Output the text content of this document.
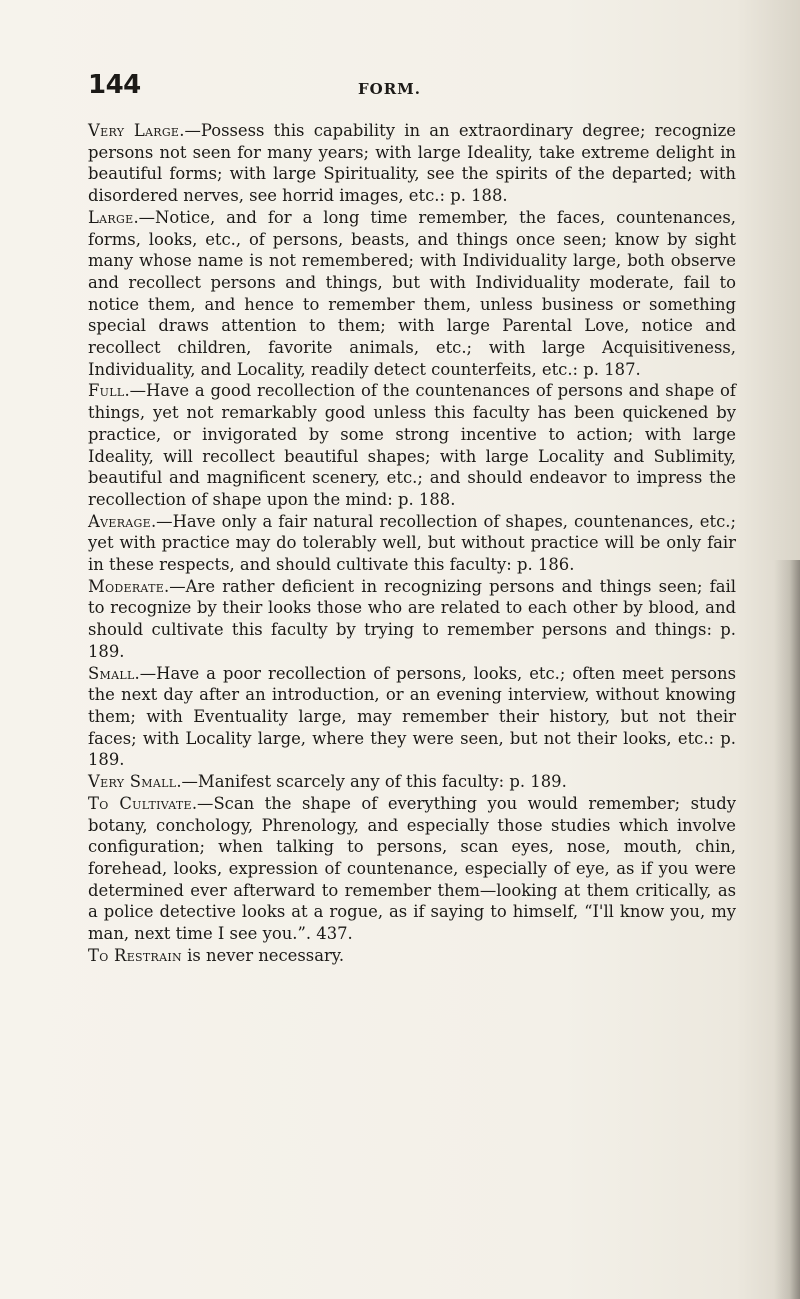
144	FORM.

Very Large.—Possess this capability in an extraordinary degree; recognize persons not seen for many years; with large Ideality, take extreme delight in beautiful forms; with large Spirituality, see the spirits of the departed; with disordered nerves, see horrid images, etc.: p. 188.

Large.—Notice, and for a long time remember, the faces, countenances, forms, looks, etc., of persons, beasts, and things once seen; know by sight many whose name is not remembered; with Individuality large, both observe and recollect persons and things, but with Individuality moderate, fail to notice them, and hence to remember them, unless business or something special draws attention to them; with large Parental Love, notice and recollect children, favorite animals, etc.; with large Acquisitiveness, Individuality, and Locality, readily detect counterfeits, etc.: p. 187.

Full.—Have a good recollection of the countenances of persons and shape of things, yet not remarkably good unless this faculty has been quickened by practice, or invigorated by some strong incentive to action; with large Ideality, will recollect beautiful shapes; with large Locality and Sublimity, beautiful and magnificent scenery, etc.; and should endeavor to impress the recollection of shape upon the mind: p. 188.

Average.—Have only a fair natural recollection of shapes, countenances, etc.; yet with practice may do tolerably well, but without practice will be only fair in these respects, and should cultivate this faculty: p. 186.

Moderate.—Are rather deficient in recognizing persons and things seen; fail to recognize by their looks those who are related to each other by blood, and should cultivate this faculty by trying to remember persons and things: p. 189.

Small.—Have a poor recollection of persons, looks, etc.; often meet persons the next day after an introduction, or an evening interview, without knowing them; with Eventuality large, may remember their history, but not their faces; with Locality large, where they were seen, but not their looks, etc.: p. 189.

Very Small.—Manifest scarcely any of this faculty: p. 189.

To Cultivate.—Scan the shape of everything you would remember; study botany, conchology, Phrenology, and especially those studies which involve configuration; when talking to persons, scan eyes, nose, mouth, chin, forehead, looks, expression of countenance, especially of eye, as if you were determined ever afterward to remember them—looking at them critically, as a police detective looks at a rogue, as if saying to himself, “I'll know you, my man, next time I see you.”. 437.

To Restrain is never necessary.
